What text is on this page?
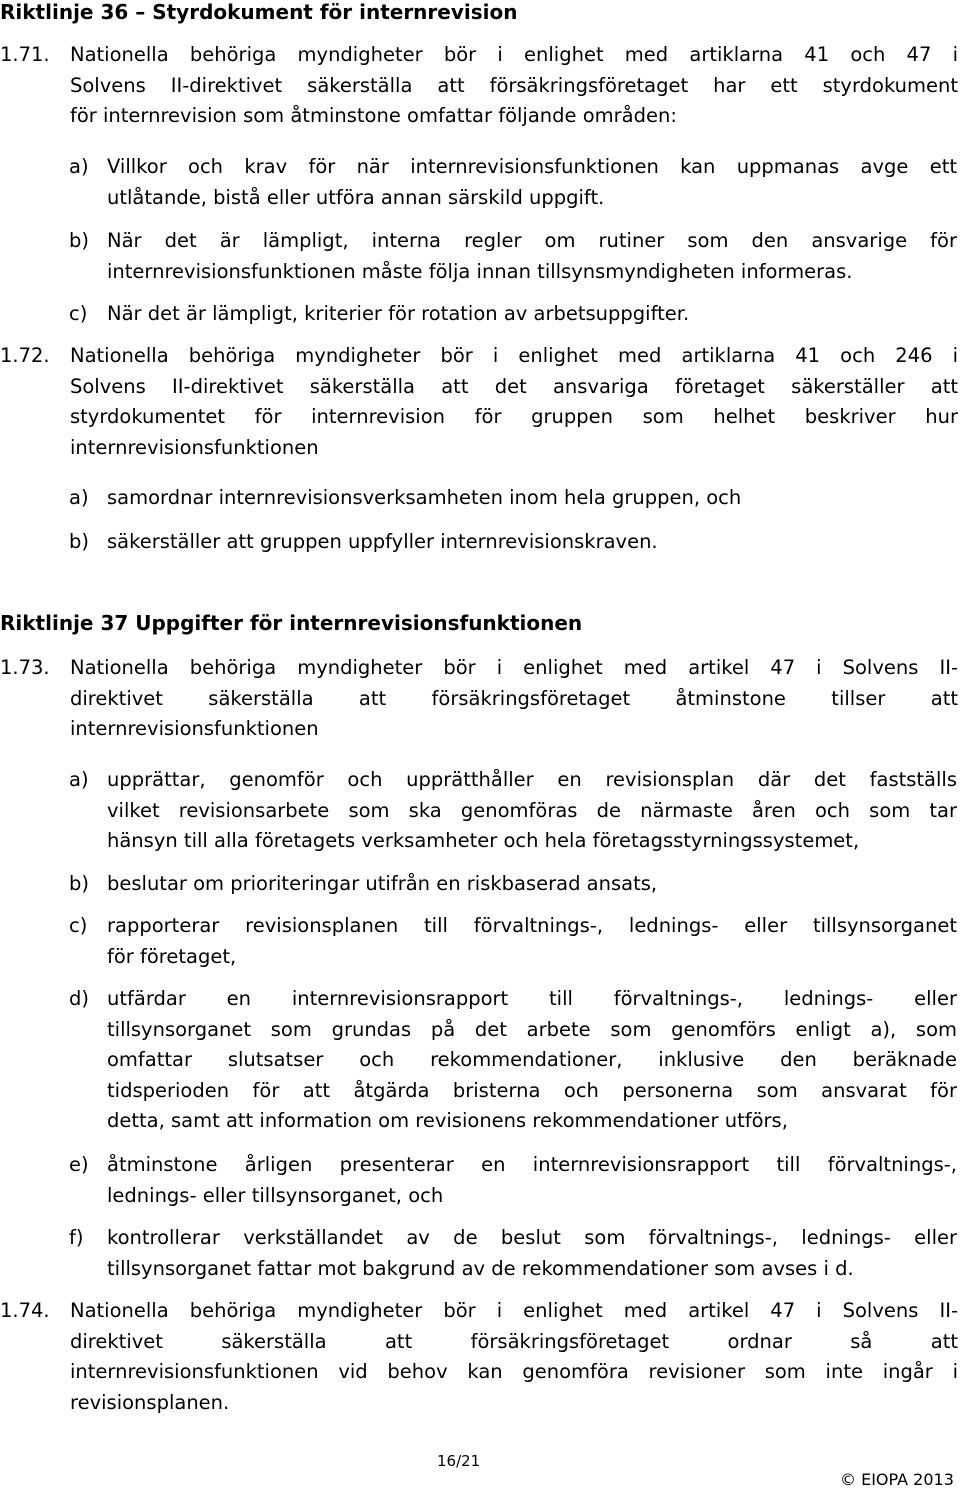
Riktlinje 36 – Styrdokument för internrevision
1.71. Nationella behöriga myndigheter bör i enlighet med artiklarna 41 och 47 i
Solvens II-direktivet säkerställa att försäkringsföretaget har ett styrdokument
för internrevision som åtminstone omfattar följande områden:
a) Villkor och krav för när internrevisionsfunktionen kan uppmanas avge ett
utlåtande, bistå eller utföra annan särskild uppgift.
b) När det är lämpligt, interna regler om rutiner som den ansvarige för
internrevisionsfunktionen måste följa innan tillsynsmyndigheten informeras.
c) När det är lämpligt, kriterier för rotation av arbetsuppgifter.
1.72. Nationella behöriga myndigheter bör i enlighet med artiklarna 41 och 246 i
Solvens II-direktivet säkerställa att det ansvariga företaget säkerställer att
styrdokumentet för internrevision för gruppen som helhet beskriver hur
internrevisionsfunktionen
a) samordnar internrevisionsverksamheten inom hela gruppen, och
b) säkerställer att gruppen uppfyller internrevisionskraven.
Riktlinje 37 Uppgifter för internrevisionsfunktionen
1.73. Nationella behöriga myndigheter bör i enlighet med artikel 47 i Solvens II-
direktivet säkerställa att försäkringsföretaget åtminstone tillser att
internrevisionsfunktionen
a) upprättar, genomför och upprätthåller en revisionsplan där det fastställs
vilket revisionsarbete som ska genomföras de närmaste åren och som tar
hänsyn till alla företagets verksamheter och hela företagsstyrningssystemet,
b) beslutar om prioriteringar utifrån en riskbaserad ansats,
c) rapporterar revisionsplanen till förvaltnings-, lednings- eller tillsynsorganet
för företaget,
d) utfärdar en internrevisionsrapport till förvaltnings-, lednings- eller
tillsynsorganet som grundas på det arbete som genomförs enligt a), som
omfattar slutsatser och rekommendationer, inklusive den beräknade
tidsperioden för att åtgärda bristerna och personerna som ansvarat för
detta, samt att information om revisionens rekommendationer utförs,
e) åtminstone årligen presenterar en internrevisionsrapport till förvaltnings-,
lednings- eller tillsynsorganet, och
f) kontrollerar verkställandet av de beslut som förvaltnings-, lednings- eller
tillsynsorganet fattar mot bakgrund av de rekommendationer som avses i d.
1.74. Nationella behöriga myndigheter bör i enlighet med artikel 47 i Solvens II-
direktivet säkerställa att försäkringsföretaget ordnar så att
internrevisionsfunktionen vid behov kan genomföra revisioner som inte ingår i
revisionsplanen.
16/21
© EIOPA 2013
